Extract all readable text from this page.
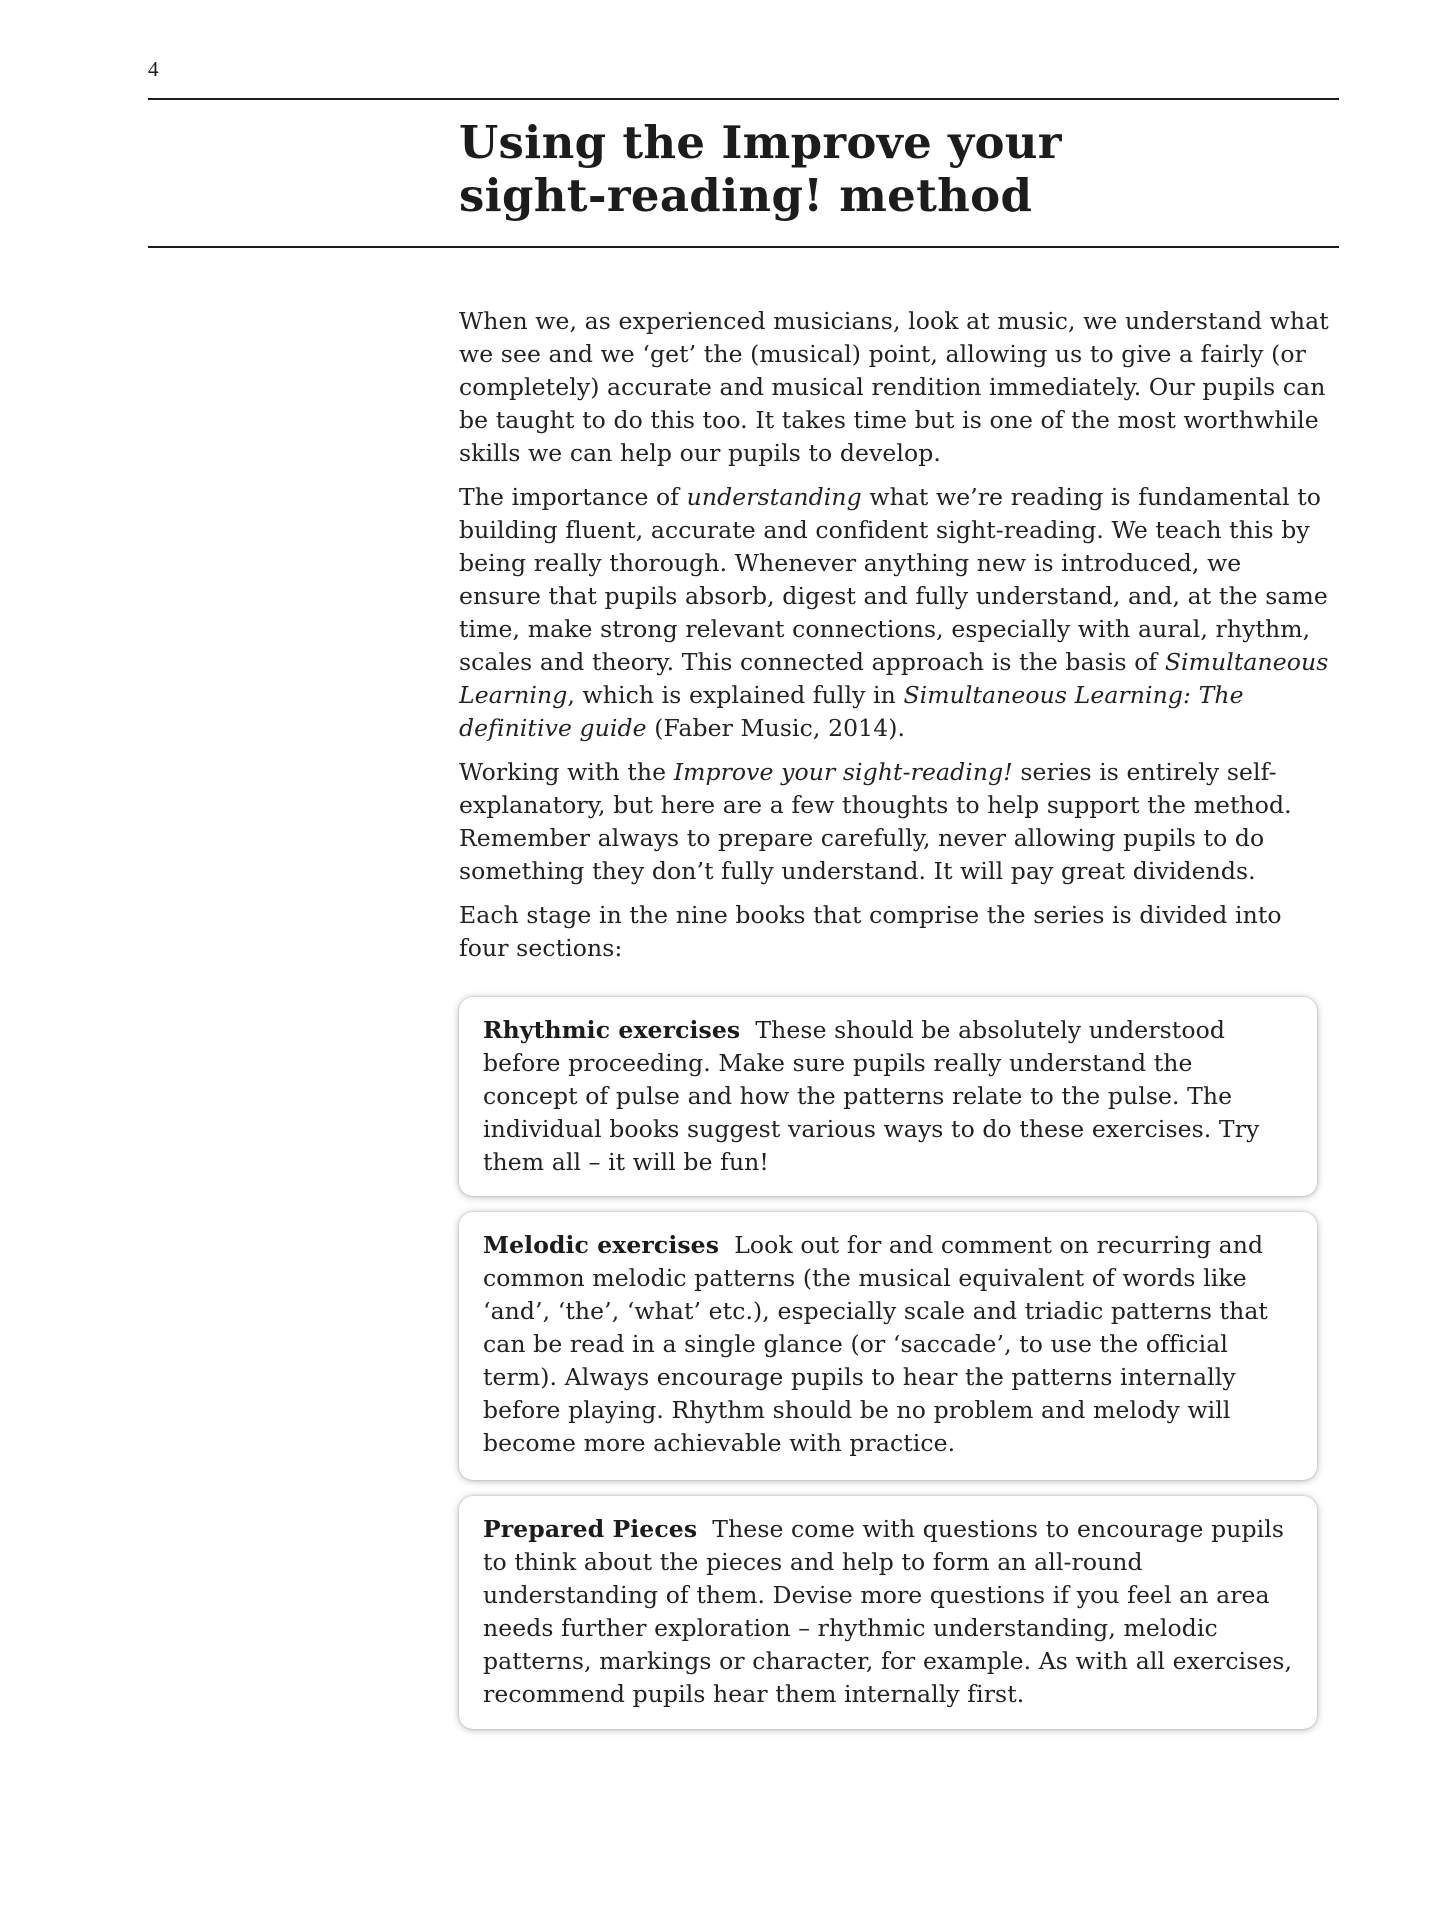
4
Using the Improve your
sight-reading! method

When we, as experienced musicians, look at music, we understand what we see and we ‘get’ the (musical) point, allowing us to give a fairly (or completely) accurate and musical rendition immediately. Our pupils can be taught to do this too. It takes time but is one of the most worthwhile skills we can help our pupils to develop.

The importance of understanding what we’re reading is fundamental to building fluent, accurate and confident sight-reading. We teach this by being really thorough. Whenever anything new is introduced, we ensure that pupils absorb, digest and fully understand, and, at the same time, make strong relevant connections, especially with aural, rhythm, scales and theory. This connected approach is the basis of Simultaneous Learning, which is explained fully in Simultaneous Learning: The definitive guide (Faber Music, 2014).

Working with the Improve your sight-reading! series is entirely self-explanatory, but here are a few thoughts to help support the method. Remember always to prepare carefully, never allowing pupils to do something they don’t fully understand. It will pay great dividends.

Each stage in the nine books that comprise the series is divided into four sections:

Rhythmic exercises These should be absolutely understood before proceeding. Make sure pupils really understand the concept of pulse and how the patterns relate to the pulse. The individual books suggest various ways to do these exercises. Try them all – it will be fun!
Melodic exercises Look out for and comment on recurring and common melodic patterns (the musical equivalent of words like ‘and’, ‘the’, ‘what’ etc.), especially scale and triadic patterns that can be read in a single glance (or ‘saccade’, to use the official term). Always encourage pupils to hear the patterns internally before playing. Rhythm should be no problem and melody will become more achievable with practice.
Prepared Pieces These come with questions to encourage pupils to think about the pieces and help to form an all-round understanding of them. Devise more questions if you feel an area needs further exploration – rhythmic understanding, melodic patterns, markings or character, for example. As with all exercises, recommend pupils hear them internally first.
